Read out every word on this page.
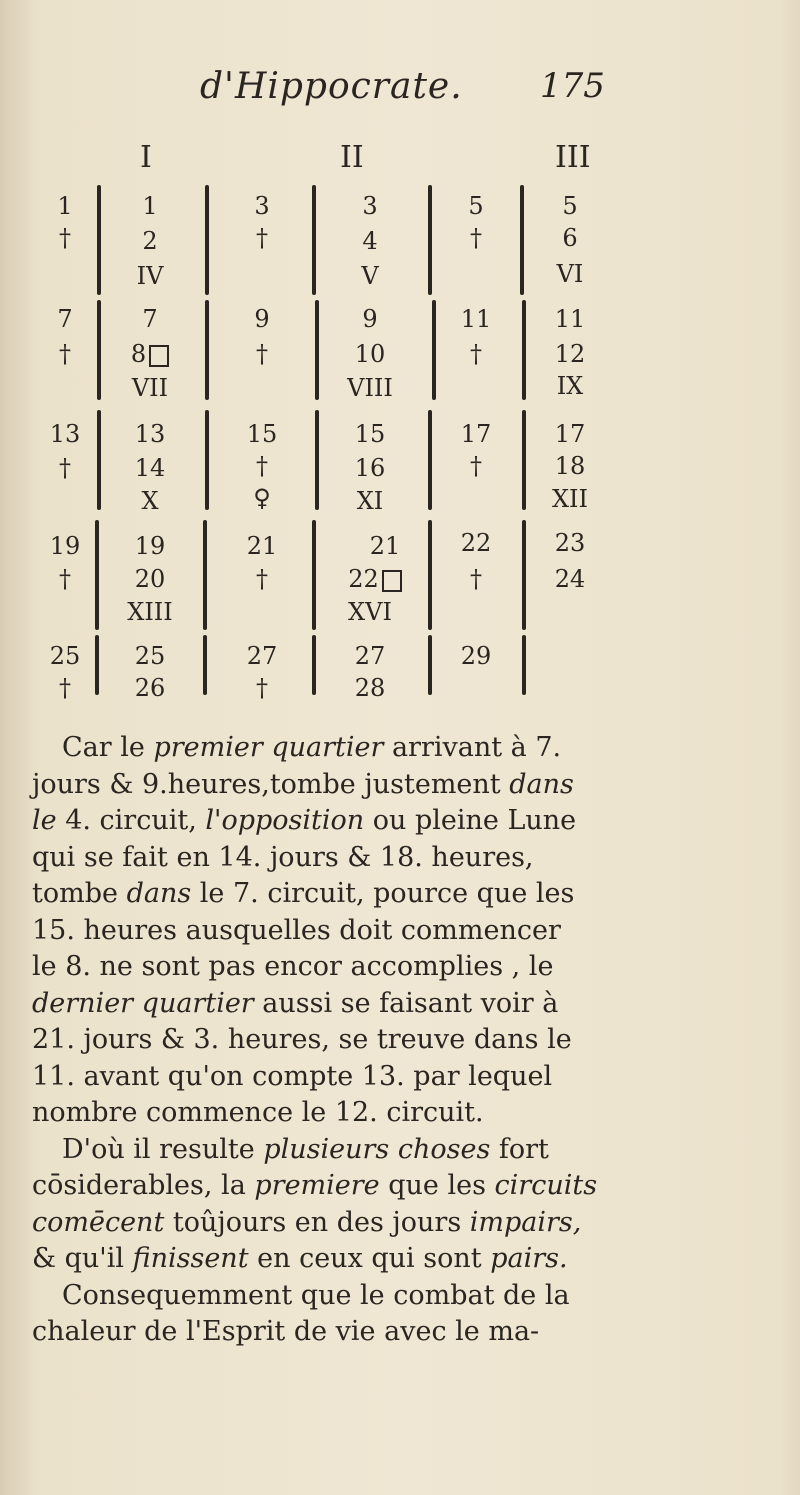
d'Hippocrate. 175
I	II	III
1
†
7
†
13
†
19
†
25
†
1
2
IV
7
8
VII
13
14
X
19
20
XIII
25
26
3
†
9
†
15
†
♀
21
†
27
†
3
4
V
9
10
VIII
15
16
XI
21
22
XVI
27
28
5
†
11
†
17
†
22
†
29
5
6
VI
11
12
IX
17
18
XII
23
24
Car le premier quartier arrivant à 7.
jours & 9.heures,tombe justement dans
le 4. circuit, l'opposition ou pleine Lune
qui se fait en 14. jours & 18. heures,
tombe dans le 7. circuit, pource que les
15. heures ausquelles doit commencer
le 8. ne sont pas encor accomplies , le
dernier quartier aussi se faisant voir à
21. jours & 3. heures, se treuve dans le
11. avant qu'on compte 13. par lequel
nombre commence le 12. circuit.
D'où il resulte plusieurs choses fort
cōsiderables, la premiere que les circuits
comēcent toûjours en des jours impairs,
& qu'il finissent en ceux qui sont pairs.
Consequemment que le combat de la
chaleur de l'Esprit de vie avec le ma-
